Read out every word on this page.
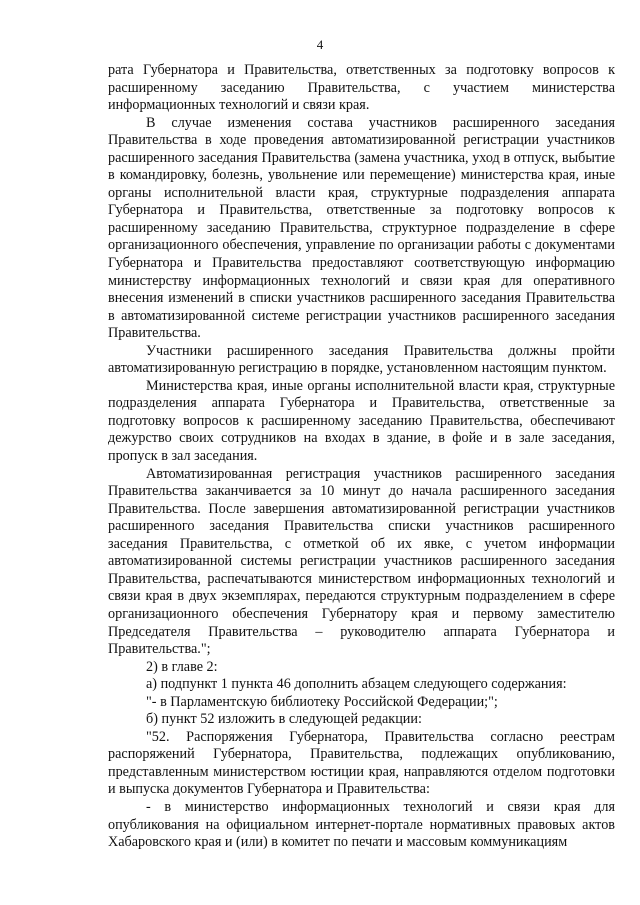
4

рата Губернатора и Правительства, ответственных за подготовку вопросов к расширенному заседанию Правительства, с участием министерства информационных технологий и связи края.

В случае изменения состава участников расширенного заседания Правительства в ходе проведения автоматизированной регистрации участников расширенного заседания Правительства (замена участника, уход в отпуск, выбытие в командировку, болезнь, увольнение или перемещение) министерства края, иные органы исполнительной власти края, структурные подразделения аппарата Губернатора и Правительства, ответственные за подготовку вопросов к расширенному заседанию Правительства, структурное подразделение в сфере организационного обеспечения, управление по организации работы с документами Губернатора и Правительства предоставляют соответствующую информацию министерству информационных технологий и связи края для оперативного внесения изменений в списки участников расширенного заседания Правительства в автоматизированной системе регистрации участников расширенного заседания Правительства.

Участники расширенного заседания Правительства должны пройти автоматизированную регистрацию в порядке, установленном настоящим пунктом.

Министерства края, иные органы исполнительной власти края, структурные подразделения аппарата Губернатора и Правительства, ответственные за подготовку вопросов к расширенному заседанию Правительства, обеспечивают дежурство своих сотрудников на входах в здание, в фойе и в зале заседания, пропуск в зал заседания.

Автоматизированная регистрация участников расширенного заседания Правительства заканчивается за 10 минут до начала расширенного заседания Правительства. После завершения автоматизированной регистрации участников расширенного заседания Правительства списки участников расширенного заседания Правительства, с отметкой об их явке, с учетом информации автоматизированной системы регистрации участников расширенного заседания Правительства, распечатываются министерством информационных технологий и связи края в двух экземплярах, передаются структурным подразделением в сфере организационного обеспечения Губернатору края и первому заместителю Председателя Правительства – руководителю аппарата Губернатора и Правительства.";

2) в главе 2:

а) подпункт 1 пункта 46 дополнить абзацем следующего содержания:

"- в Парламентскую библиотеку Российской Федерации;";

б) пункт 52 изложить в следующей редакции:

"52. Распоряжения Губернатора, Правительства согласно реестрам распоряжений Губернатора, Правительства, подлежащих опубликованию, представленным министерством юстиции края, направляются отделом подготовки и выпуска документов Губернатора и Правительства:

- в министерство информационных технологий и связи края для опубликования на официальном интернет-портале нормативных правовых актов Хабаровского края и (или) в комитет по печати и массовым коммуникациям
